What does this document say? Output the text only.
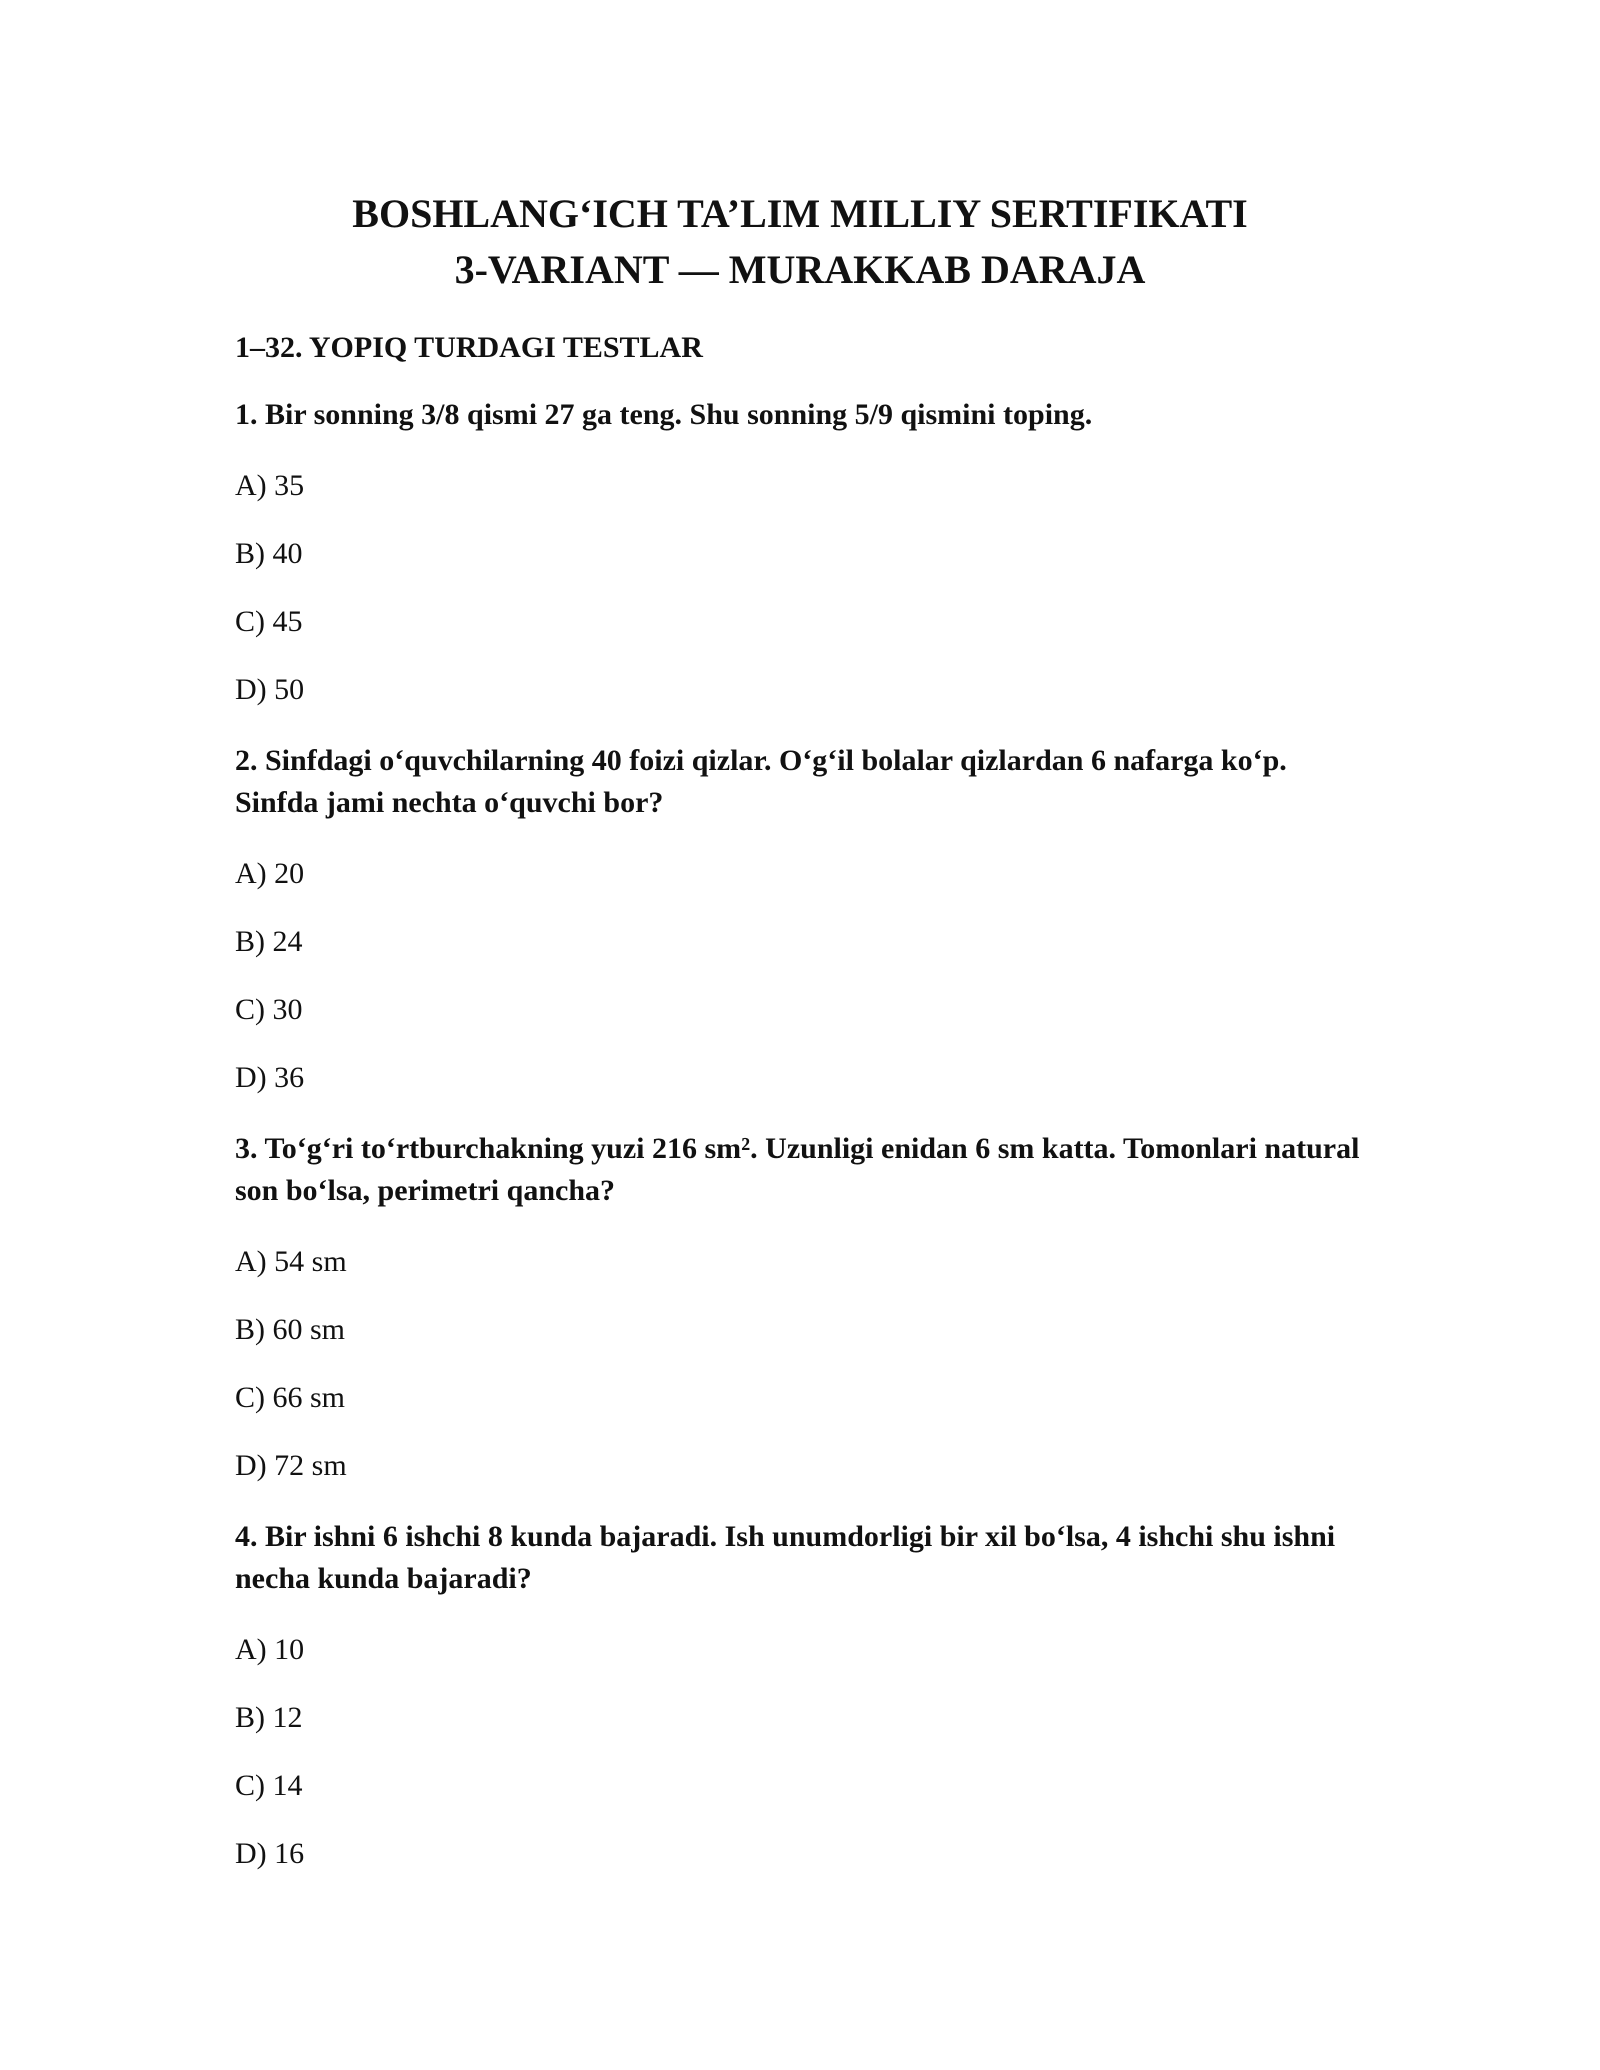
BOSHLANG‘ICH TA’LIM MILLIY SERTIFIKATI
3-VARIANT — MURAKKAB DARAJA
1–32. YOPIQ TURDAGI TESTLAR
1. Bir sonning 3/8 qismi 27 ga teng. Shu sonning 5/9 qismini toping.
A) 35
B) 40
C) 45
D) 50
2. Sinfdagi o‘quvchilarning 40 foizi qizlar. O‘g‘il bolalar qizlardan 6 nafarga ko‘p. Sinfda jami nechta o‘quvchi bor?
A) 20
B) 24
C) 30
D) 36
3. To‘g‘ri to‘rtburchakning yuzi 216 sm². Uzunligi enidan 6 sm katta. Tomonlari natural son bo‘lsa, perimetri qancha?
A) 54 sm
B) 60 sm
C) 66 sm
D) 72 sm
4. Bir ishni 6 ishchi 8 kunda bajaradi. Ish unumdorligi bir xil bo‘lsa, 4 ishchi shu ishni necha kunda bajaradi?
A) 10
B) 12
C) 14
D) 16
